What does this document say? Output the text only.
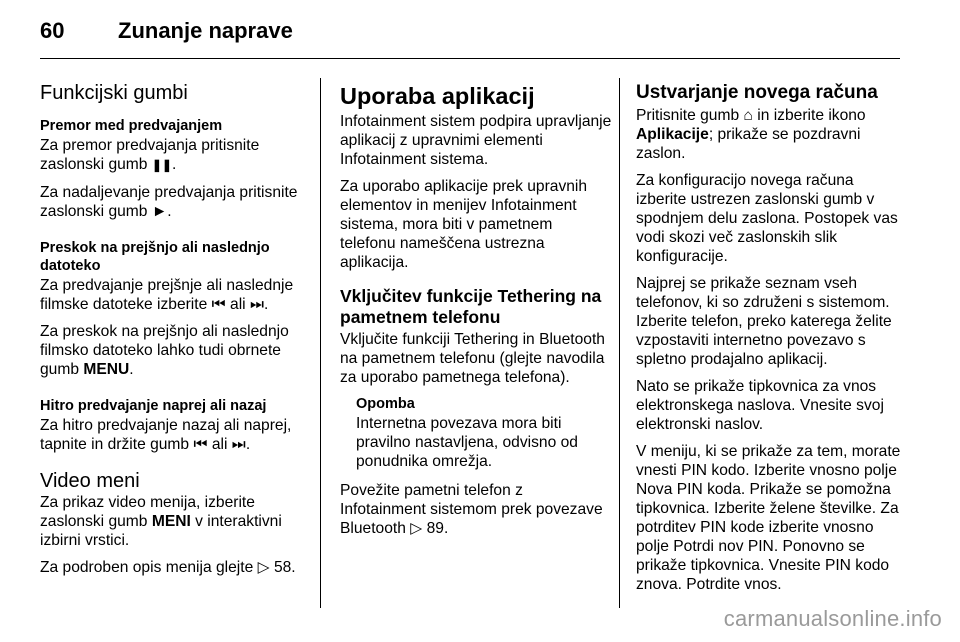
60 Zunanje naprave
Funkcijski gumbi
Premor med predvajanjem

Za premor predvajanja pritisnite zaslonski gumb ❚❚.

Za nadaljevanje predvajanja pritisnite zaslonski gumb ►.

Preskok na prejšnjo ali naslednjo datoteko

Za predvajanje prejšnje ali naslednje filmske datoteke izberite ⏮ ali ⏭.

Za preskok na prejšnjo ali naslednjo filmsko datoteko lahko tudi obrnete gumb MENU.

Hitro predvajanje naprej ali nazaj

Za hitro predvajanje nazaj ali naprej, tapnite in držite gumb ⏮ ali ⏭.

Video meni

Za prikaz video menija, izberite zaslonski gumb MENI v interaktivni izbirni vrstici.

Za podroben opis menija glejte ▷ 58.

Uporaba aplikacij

Infotainment sistem podpira upravljanje aplikacij z upravnimi elementi Infotainment sistema.

Za uporabo aplikacije prek upravnih elementov in menijev Infotainment sistema, mora biti v pametnem telefonu nameščena ustrezna aplikacija.

Vključitev funkcije Tethering na pametnem telefonu

Vključite funkciji Tethering in Bluetooth na pametnem telefonu (glejte navodila za uporabo pametnega telefona).

Opomba

Internetna povezava mora biti pravilno nastavljena, odvisno od ponudnika omrežja.

Povežite pametni telefon z Infotainment sistemom prek povezave Bluetooth ▷ 89.

Ustvarjanje novega računa

Pritisnite gumb ⌂ in izberite ikono Aplikacije; prikaže se pozdravni zaslon.

Za konfiguracijo novega računa izberite ustrezen zaslonski gumb v spodnjem delu zaslona. Postopek vas vodi skozi več zaslonskih slik konfiguracije.

Najprej se prikaže seznam vseh telefonov, ki so združeni s sistemom. Izberite telefon, preko katerega želite vzpostaviti internetno povezavo s spletno prodajalno aplikacij.

Nato se prikaže tipkovnica za vnos elektronskega naslova. Vnesite svoj elektronski naslov.

V meniju, ki se prikaže za tem, morate vnesti PIN kodo. Izberite vnosno polje Nova PIN koda. Prikaže se pomožna tipkovnica. Izberite želene številke. Za potrditev PIN kode izberite vnosno polje Potrdi nov PIN. Ponovno se prikaže tipkovnica. Vnesite PIN kodo znova. Potrdite vnos.

carmanualsonline.info
